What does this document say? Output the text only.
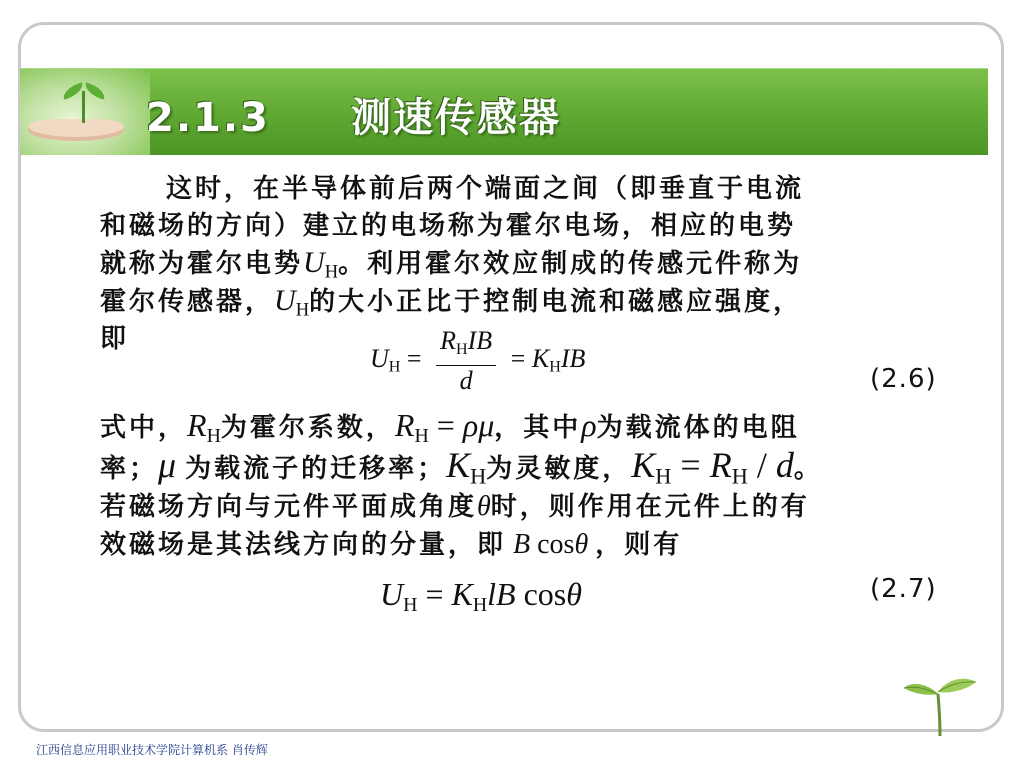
2.1.3 测速传感器
这时，在半导体前后两个端面之间（即垂直于电流
和磁场的方向）建立的电场称为霍尔电场，相应的电势
就称为霍尔电势$U_H$。利用霍尔效应制成的传感元件称为
霍尔传感器，$U_H$的大小正比于控制电流和磁感应强度，
即
$U_H = \frac{R_HIB}{d} = K_HIB$
(2.6)
式中，$R_H$为霍尔系数，$R_H = \rho\mu$，其中ρ为载流体的电阻
率；μ 为载流子的迁移率；$K_H$为灵敏度，$K_H = R_H / d$。
若磁场方向与元件平面成角度θ时，则作用在元件上的有
效磁场是其法线方向的分量，即 B cosθ ，则有
$U_H = K_HlB$ cosθ	(2.7)
江西信息应用职业技术学院计算机系 肖传辉
